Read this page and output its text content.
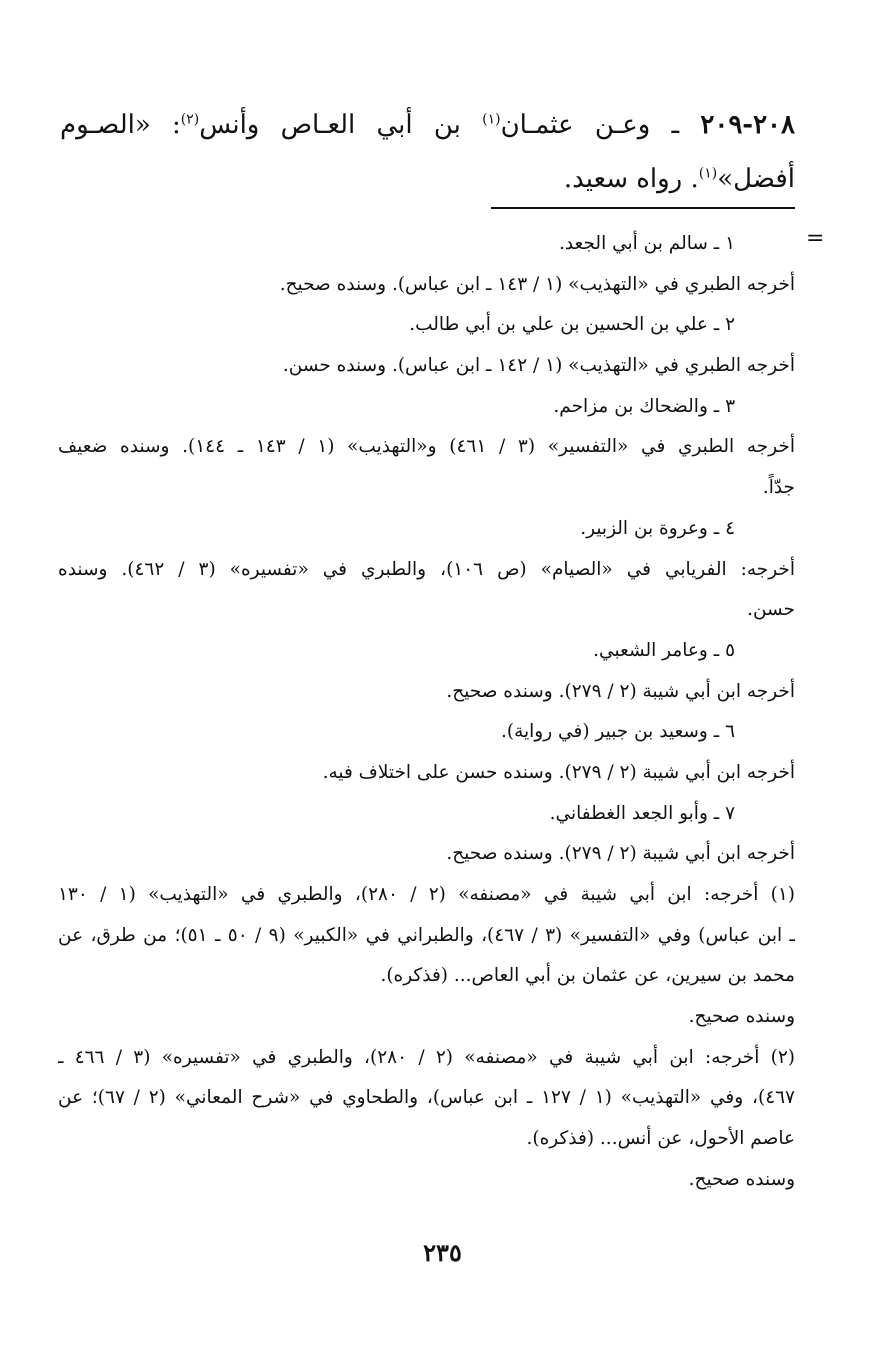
٢٠٨-٢٠٩ ـ وعـن عثمـان$^{(١)}$ بن أبي العـاص وأنس$^{(٢)}$: «الصـوم أفضل»$^{(١)}$. رواه سعيد.
=
١ ـ سالم بن أبي الجعد.
أخرجه الطبري في «التهذيب» (١ / ١٤٣ ـ ابن عباس). وسنده صحيح.
٢ ـ علي بن الحسين بن علي بن أبي طالب.
أخرجه الطبري في «التهذيب» (١ / ١٤٢ ـ ابن عباس). وسنده حسن.
٣ ـ والضحاك بن مزاحم.
أخرجه الطبري في «التفسير» (٣ / ٤٦١) و«التهذيب» (١ / ١٤٣ ـ ١٤٤). وسنده ضعيف
جدّاً.
٤ ـ وعروة بن الزبير.
أخرجه: الفريابي في «الصيام» (ص ١٠٦)، والطبري في «تفسيره» (٣ / ٤٦٢). وسنده
حسن.
٥ ـ وعامر الشعبي.
أخرجه ابن أبي شيبة (٢ / ٢٧٩). وسنده صحيح.
٦ ـ وسعيد بن جبير (في رواية).
أخرجه ابن أبي شيبة (٢ / ٢٧٩). وسنده حسن على اختلاف فيه.
٧ ـ وأبو الجعد الغطفاني.
أخرجه ابن أبي شيبة (٢ / ٢٧٩). وسنده صحيح.
(١) أخرجه: ابن أبي شيبة في «مصنفه» (٢ / ٢٨٠)، والطبري في «التهذيب» (١ / ١٣٠
ـ ابن عباس) وفي «التفسير» (٣ / ٤٦٧)، والطبراني في «الكبير» (٩ / ٥٠ ـ ٥١)؛ من طرق، عن
محمد بن سيرين، عن عثمان بن أبي العاص... (فذكره).
وسنده صحيح.
(٢) أخرجه: ابن أبي شيبة في «مصنفه» (٢ / ٢٨٠)، والطبري في «تفسيره» (٣ / ٤٦٦ ـ
٤٦٧)، وفي «التهذيب» (١ / ١٢٧ ـ ابن عباس)، والطحاوي في «شرح المعاني» (٢ / ٦٧)؛ عن
عاصم الأحول، عن أنس... (فذكره).
وسنده صحيح.
٢٣٥
